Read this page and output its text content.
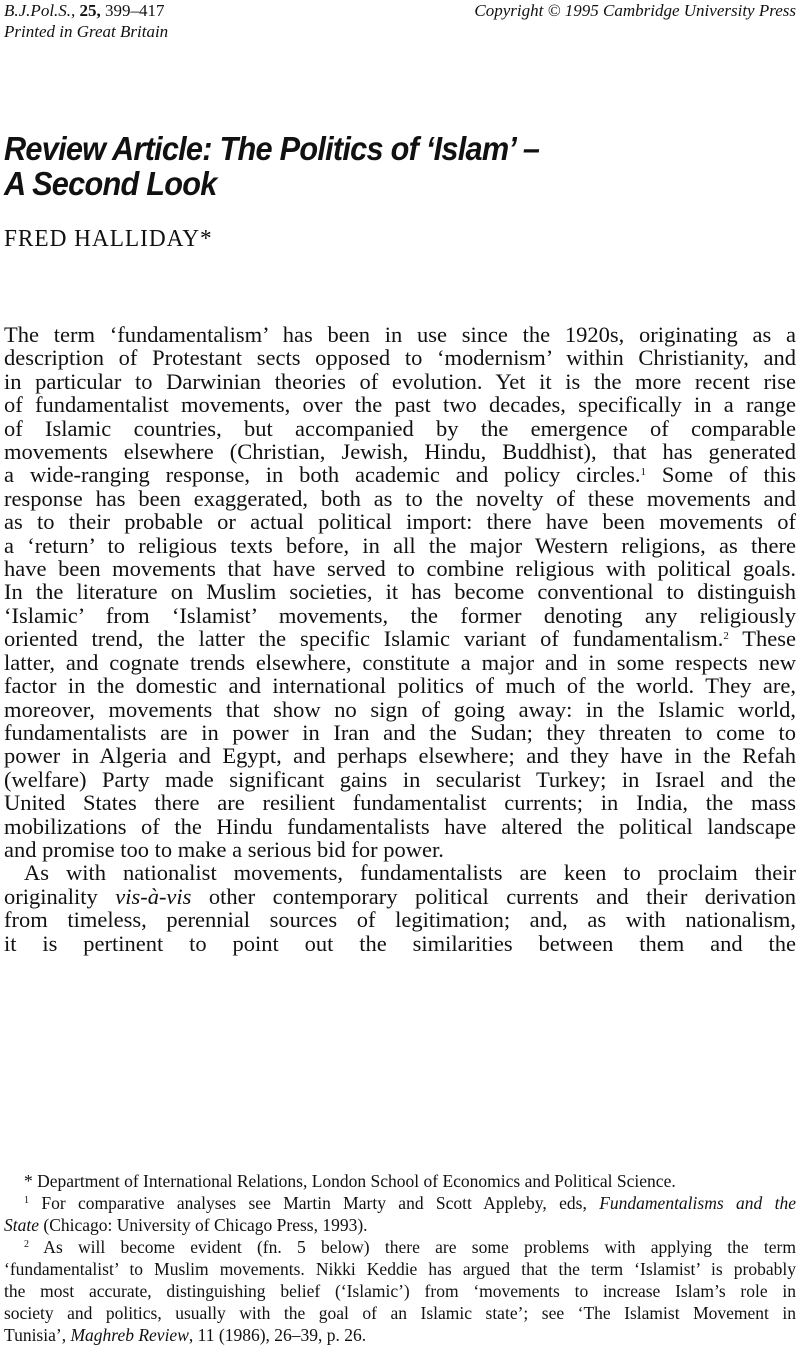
B.J.Pol.S., 25, 399–417
Printed in Great Britain
Copyright © 1995 Cambridge University Press
Review Article: The Politics of ‘Islam’ –
A Second Look
FRED HALLIDAY*
The term ‘fundamentalism’ has been in use since the 1920s, originating as a
description of Protestant sects opposed to ‘modernism’ within Christianity, and
in particular to Darwinian theories of evolution. Yet it is the more recent rise
of fundamentalist movements, over the past two decades, specifically in a range
of Islamic countries, but accompanied by the emergence of comparable
movements elsewhere (Christian, Jewish, Hindu, Buddhist), that has generated
a wide-ranging response, in both academic and policy circles.$^1$ Some of this
response has been exaggerated, both as to the novelty of these movements and
as to their probable or actual political import: there have been movements of
a ‘return’ to religious texts before, in all the major Western religions, as there
have been movements that have served to combine religious with political goals.
In the literature on Muslim societies, it has become conventional to distinguish
‘Islamic’ from ‘Islamist’ movements, the former denoting any religiously
oriented trend, the latter the specific Islamic variant of fundamentalism.$^2$ These
latter, and cognate trends elsewhere, constitute a major and in some respects new
factor in the domestic and international politics of much of the world. They are,
moreover, movements that show no sign of going away: in the Islamic world,
fundamentalists are in power in Iran and the Sudan; they threaten to come to
power in Algeria and Egypt, and perhaps elsewhere; and they have in the Refah
(welfare) Party made significant gains in secularist Turkey; in Israel and the
United States there are resilient fundamentalist currents; in India, the mass
mobilizations of the Hindu fundamentalists have altered the political landscape
and promise too to make a serious bid for power.
As with nationalist movements, fundamentalists are keen to proclaim their
originality vis-à-vis other contemporary political currents and their derivation
from timeless, perennial sources of legitimation; and, as with nationalism,
it is pertinent to point out the similarities between them and the
* Department of International Relations, London School of Economics and Political Science.
$^1$ For comparative analyses see Martin Marty and Scott Appleby, eds, Fundamentalisms and the
State (Chicago: University of Chicago Press, 1993).
$^2$ As will become evident (fn. 5 below) there are some problems with applying the term
‘fundamentalist’ to Muslim movements. Nikki Keddie has argued that the term ‘Islamist’ is probably
the most accurate, distinguishing belief (‘Islamic’) from ‘movements to increase Islam’s role in
society and politics, usually with the goal of an Islamic state’; see ‘The Islamist Movement in
Tunisia’, Maghreb Review, 11 (1986), 26–39, p. 26.
